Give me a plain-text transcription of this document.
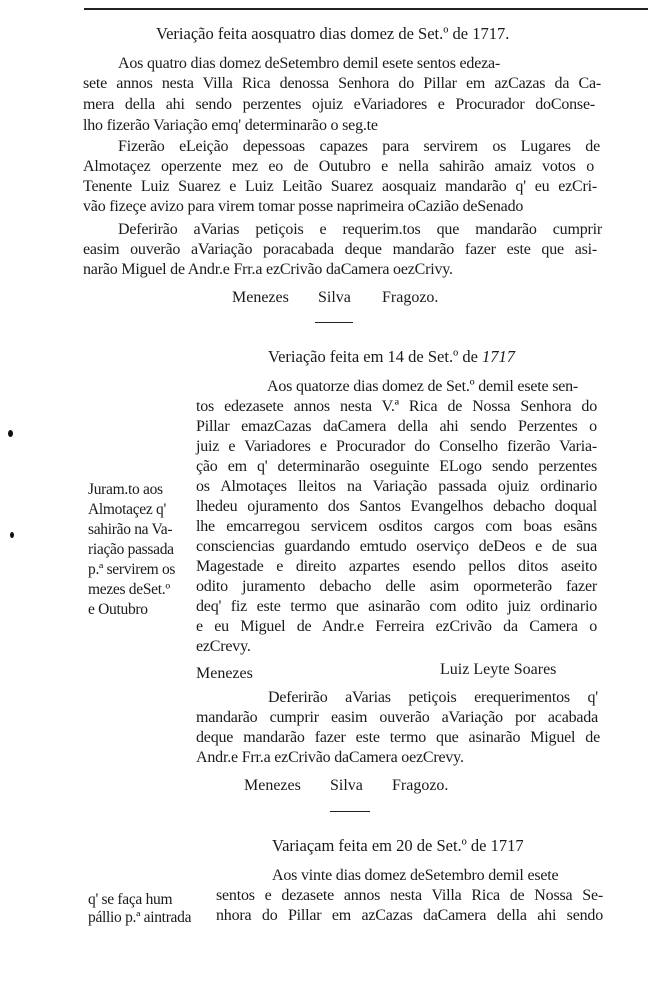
Veriação feita aosquatro dias domez de Set.º de 1717.
Aos quatro dias domez deSetembro demil esete sentos edeza-
sete annos nesta Villa Rica denossa Senhora do Pillar em azCazas da Ca-
mera della ahi sendo perzentes ojuiz eVariadores e Procurador doConse-
lho fizerão Variação emq' determinarão o seg.te
Fizerão eLeição depessoas capazes para servirem os Lugares de
Almotaçez operzente mez eo de Outubro e nella sahirão amaiz votos o
Tenente Luiz Suarez e Luiz Leitão Suarez aosquaiz mandarão q' eu ezCri-
vão fizeçe avizo para virem tomar posse naprimeira oCazião deSenado
Deferirão aVarias petiçois e requerim.tos que mandarão cumprir
easim ouverão aVariação poracabada deque mandarão fazer este que asi-
narão Miguel de Andr.e Frr.a ezCrivão daCamera oezCrivy.
Menezes Silva Fragozo.
Veriação feita em 14 de Set.º de 1717
Aos quatorze dias domez de Set.º demil esete sen-
tos edezasete annos nesta V.ª Rica de Nossa Senhora do
Pillar emazCazas daCamera della ahi sendo Perzentes o
juiz e Variadores e Procurador do Conselho fizerão Varia-
ção em q' determinarão oseguinte ELogo sendo perzentes
os Almotaçes lleitos na Variação passada ojuiz ordinario
lhedeu ojuramento dos Santos Evangelhos debacho doqual
lhe emcarregou servicem osditos cargos com boas esãns
consciencias guardando emtudo oserviço deDeos e de sua
Magestade e direito azpartes esendo pellos ditos aseito
odito juramento debacho delle asim opormeterão fazer
deq' fiz este termo que asinarão com odito juiz ordinario
e eu Miguel de Andr.e Ferreira ezCrivão da Camera o
ezCrevy.
Juram.to aos
Almotaçez q'
sahirão na Va-
riação passada
p.ª servirem os
mezes deSet.º
e Outubro
Menezes	Luiz Leyte Soares
Deferirão aVarias petiçois erequerimentos q'
mandarão cumprir easim ouverão aVariação por acabada
deque mandarão fazer este termo que asinarão Miguel de
Andr.e Frr.a ezCrivão daCamera oezCrevy.
Menezes Silva Fragozo.
Variaçam feita em 20 de Set.º de 1717
Aos vinte dias domez deSetembro demil esete
sentos e dezasete annos nesta Villa Rica de Nossa Se-
nhora do Pillar em azCazas daCamera della ahi sendo
q' se faça hum
pállio p.ª aintrada
